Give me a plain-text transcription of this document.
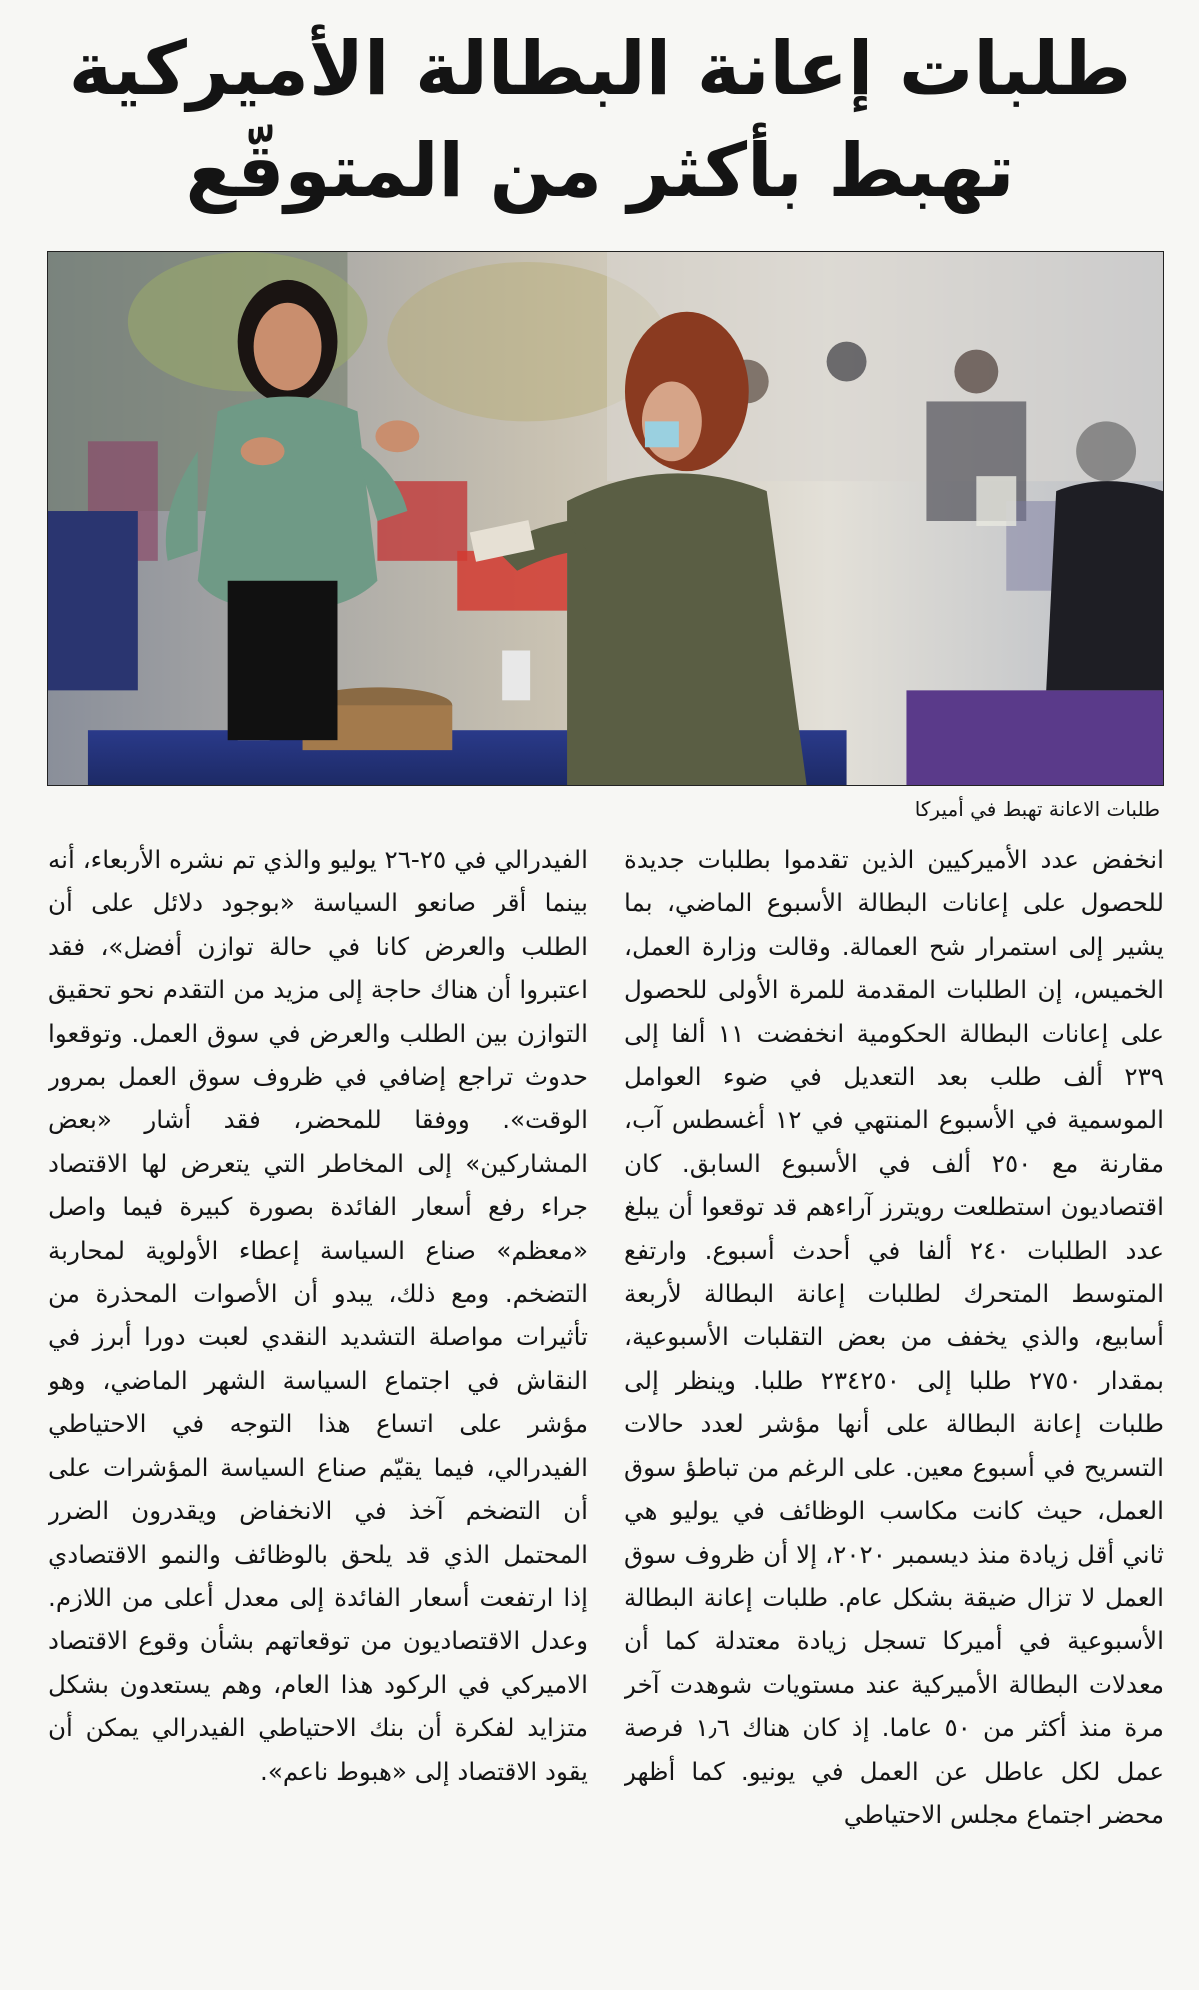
طلبات إعانة البطالة الأميركية
تهبط بأكثر من المتوقّع
طلبات الاعانة تهبط في أميركا

انخفض عدد الأميركيين الذين تقدموا بطلبات جديدة للحصول على إعانات البطالة الأسبوع الماضي، بما يشير إلى استمرار شح العمالة. وقالت وزارة العمل، الخميس، إن الطلبات المقدمة للمرة الأولى للحصول على إعانات البطالة الحكومية انخفضت ١١ ألفا إلى ٢٣٩ ألف طلب بعد التعديل في ضوء العوامل الموسمية في الأسبوع المنتهي في ١٢ أغسطس آب، مقارنة مع ٢٥٠ ألف في الأسبوع السابق. كان اقتصاديون استطلعت رويترز آراءهم قد توقعوا أن يبلغ عدد الطلبات ٢٤٠ ألفا في أحدث أسبوع. وارتفع المتوسط المتحرك لطلبات إعانة البطالة لأربعة أسابيع، والذي يخفف من بعض التقلبات الأسبوعية، بمقدار ٢٧٥٠ طلبا إلى ٢٣٤٢٥٠ طلبا. وينظر إلى طلبات إعانة البطالة على أنها مؤشر لعدد حالات التسريح في أسبوع معين. على الرغم من تباطؤ سوق العمل، حيث كانت مكاسب الوظائف في يوليو هي ثاني أقل زيادة منذ ديسمبر ٢٠٢٠، إلا أن ظروف سوق العمل لا تزال ضيقة بشكل عام. طلبات إعانة البطالة الأسبوعية في أميركا تسجل زيادة معتدلة كما أن معدلات البطالة الأميركية عند مستويات شوهدت آخر مرة منذ أكثر من ٥٠ عاما. إذ كان هناك ١٫٦ فرصة عمل لكل عاطل عن العمل في يونيو. كما أظهر محضر اجتماع مجلس الاحتياطي

الفيدرالي في ٢٥-٢٦ يوليو والذي تم نشره الأربعاء، أنه بينما أقر صانعو السياسة «بوجود دلائل على أن الطلب والعرض كانا في حالة توازن أفضل»، فقد اعتبروا أن هناك حاجة إلى مزيد من التقدم نحو تحقيق التوازن بين الطلب والعرض في سوق العمل. وتوقعوا حدوث تراجع إضافي في ظروف سوق العمل بمرور الوقت». ووفقا للمحضر، فقد أشار «بعض المشاركين» إلى المخاطر التي يتعرض لها الاقتصاد جراء رفع أسعار الفائدة بصورة كبيرة فيما واصل «معظم» صناع السياسة إعطاء الأولوية لمحاربة التضخم. ومع ذلك، يبدو أن الأصوات المحذرة من تأثيرات مواصلة التشديد النقدي لعبت دورا أبرز في النقاش في اجتماع السياسة الشهر الماضي، وهو مؤشر على اتساع هذا التوجه في الاحتياطي الفيدرالي، فيما يقيّم صناع السياسة المؤشرات على أن التضخم آخذ في الانخفاض ويقدرون الضرر المحتمل الذي قد يلحق بالوظائف والنمو الاقتصادي إذا ارتفعت أسعار الفائدة إلى معدل أعلى من اللازم. وعدل الاقتصاديون من توقعاتهم بشأن وقوع الاقتصاد الاميركي في الركود هذا العام، وهم يستعدون بشكل متزايد لفكرة أن بنك الاحتياطي الفيدرالي يمكن أن يقود الاقتصاد إلى «هبوط ناعم».
